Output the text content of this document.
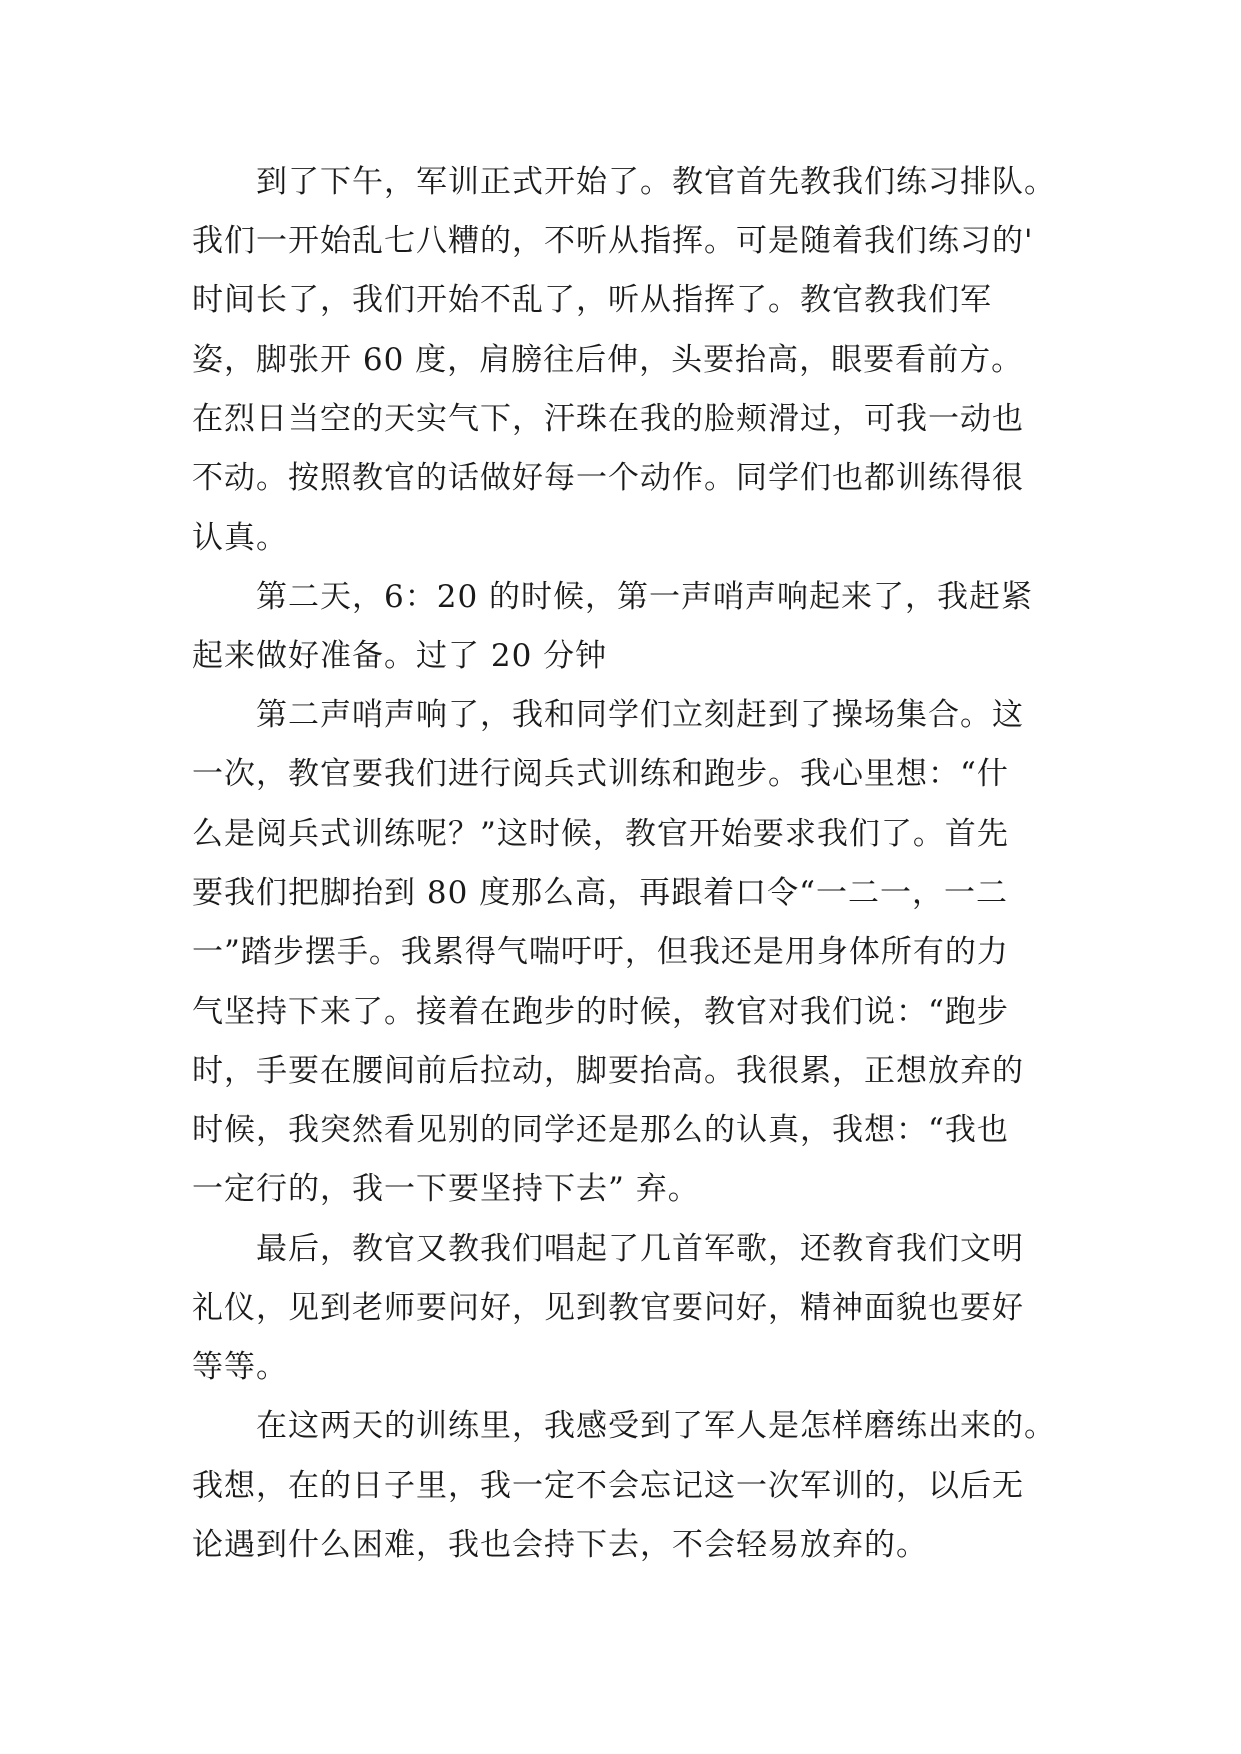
到了下午，军训正式开始了。教官首先教我们练习排队。
我们一开始乱七八糟的，不听从指挥。可是随着我们练习的'
时间长了，我们开始不乱了，听从指挥了。教官教我们军
姿，脚张开 60 度，肩膀往后伸，头要抬高，眼要看前方。
在烈日当空的天实气下，汗珠在我的脸颊滑过，可我一动也
不动。按照教官的话做好每一个动作。同学们也都训练得很
认真。
第二天，6：20 的时候，第一声哨声响起来了，我赶紧
起来做好准备。过了 20 分钟
第二声哨声响了，我和同学们立刻赶到了操场集合。这
一次，教官要我们进行阅兵式训练和跑步。我心里想：“什
么是阅兵式训练呢？”这时候，教官开始要求我们了。首先
要我们把脚抬到 80 度那么高，再跟着口令“一二一，一二
一”踏步摆手。我累得气喘吁吁，但我还是用身体所有的力
气坚持下来了。接着在跑步的时候，教官对我们说：“跑步
时，手要在腰间前后拉动，脚要抬高。我很累，正想放弃的
时候，我突然看见别的同学还是那么的认真，我想：“我也
一定行的，我一下要坚持下去” 弃。
最后，教官又教我们唱起了几首军歌，还教育我们文明
礼仪，见到老师要问好，见到教官要问好，精神面貌也要好
等等。
在这两天的训练里，我感受到了军人是怎样磨练出来的。
我想，在的日子里，我一定不会忘记这一次军训的，以后无
论遇到什么困难，我也会持下去，不会轻易放弃的。
